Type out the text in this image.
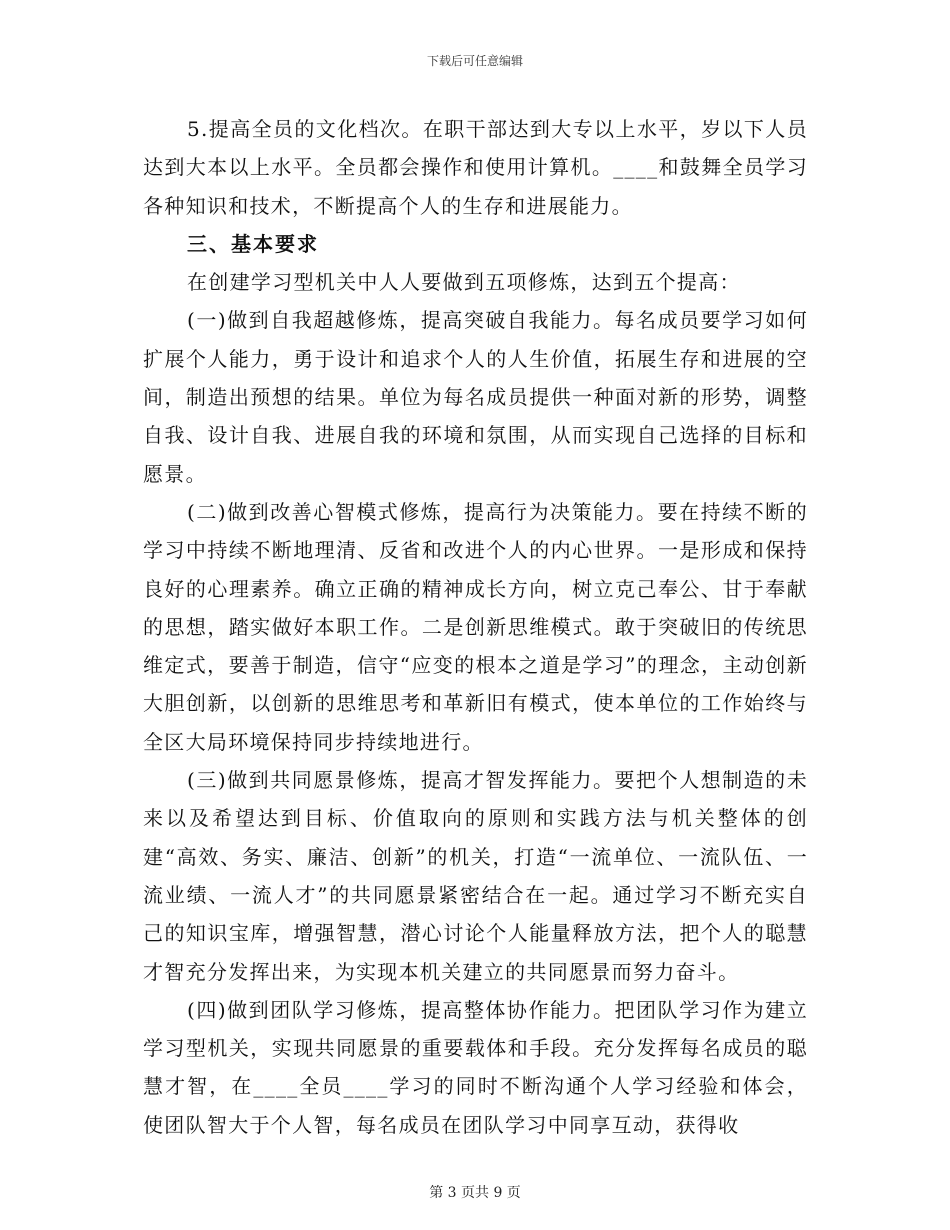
下载后可任意编辑

5.提高全员的文化档次。在职干部达到大专以上水平，岁以下人员达到大本以上水平。全员都会操作和使用计算机。____和鼓舞全员学习各种知识和技术，不断提高个人的生存和进展能力。

三、基本要求

在创建学习型机关中人人要做到五项修炼，达到五个提高：

(一)做到自我超越修炼，提高突破自我能力。每名成员要学习如何扩展个人能力，勇于设计和追求个人的人生价值，拓展生存和进展的空间，制造出预想的结果。单位为每名成员提供一种面对新的形势，调整自我、设计自我、进展自我的环境和氛围，从而实现自己选择的目标和愿景。

(二)做到改善心智模式修炼，提高行为决策能力。要在持续不断的学习中持续不断地理清、反省和改进个人的内心世界。一是形成和保持良好的心理素养。确立正确的精神成长方向，树立克己奉公、甘于奉献的思想，踏实做好本职工作。二是创新思维模式。敢于突破旧的传统思维定式，要善于制造，信守“应变的根本之道是学习”的理念，主动创新大胆创新，以创新的思维思考和革新旧有模式，使本单位的工作始终与全区大局环境保持同步持续地进行。

(三)做到共同愿景修炼，提高才智发挥能力。要把个人想制造的未来以及希望达到目标、价值取向的原则和实践方法与机关整体的创建“高效、务实、廉洁、创新”的机关，打造“一流单位、一流队伍、一流业绩、一流人才”的共同愿景紧密结合在一起。通过学习不断充实自己的知识宝库，增强智慧，潜心讨论个人能量释放方法，把个人的聪慧才智充分发挥出来，为实现本机关建立的共同愿景而努力奋斗。

(四)做到团队学习修炼，提高整体协作能力。把团队学习作为建立学习型机关，实现共同愿景的重要载体和手段。充分发挥每名成员的聪慧才智，在____全员____学习的同时不断沟通个人学习经验和体会，使团队智大于个人智，每名成员在团队学习中同享互动，获得收

第 3 页共 9 页
